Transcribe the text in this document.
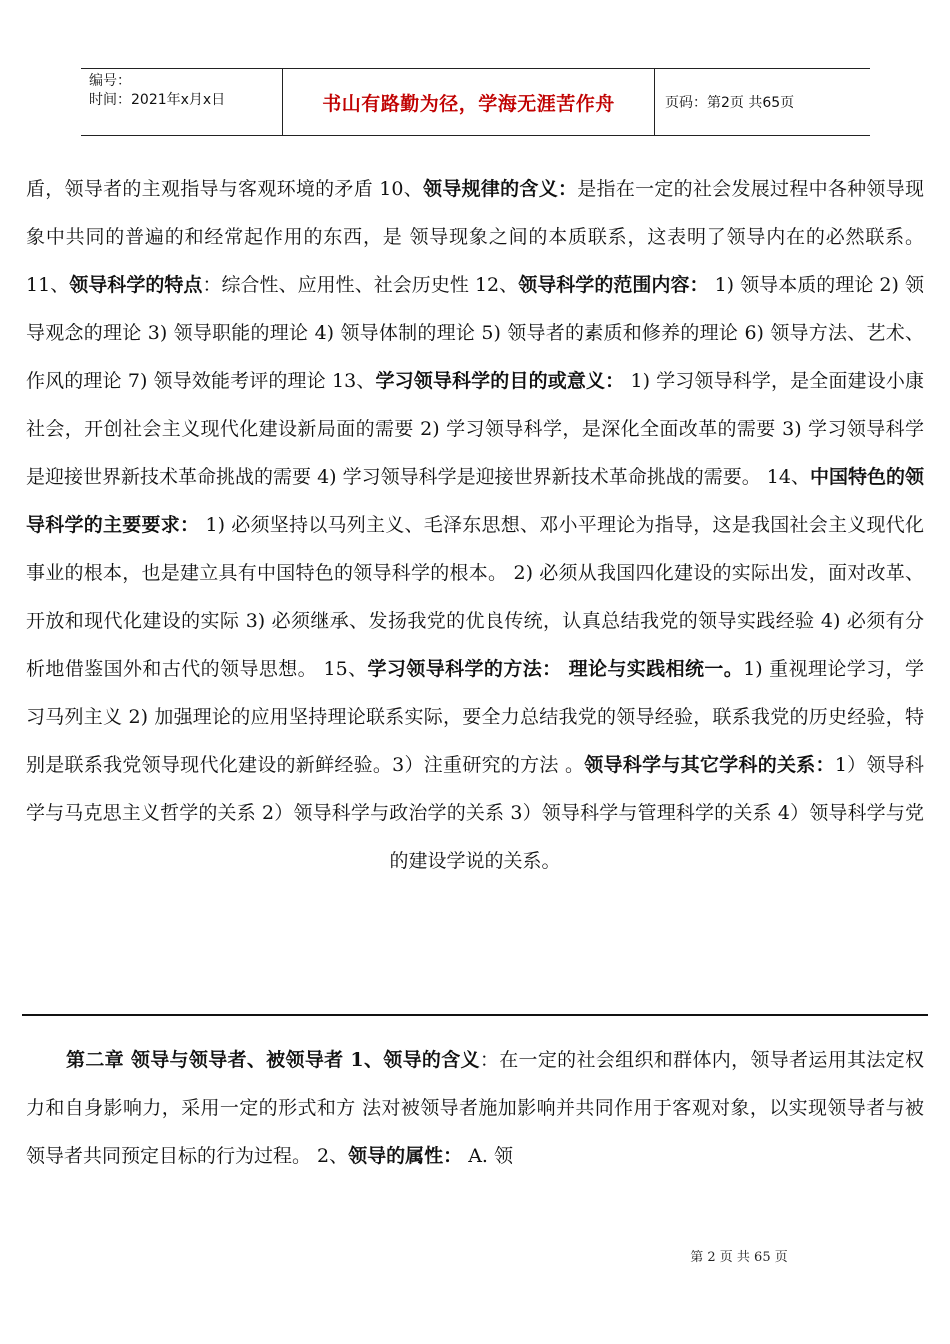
编号：
时间：2021年x月x日	书山有路勤为径，学海无涯苦作舟	页码：第2页 共65页
盾，领导者的主观指导与客观环境的矛盾 10、领导规律的含义：是指在一定的社会发展过程中各种领导现象中共同的普遍的和经常起作用的东西，是 领导现象之间的本质联系，这表明了领导内在的必然联系。 11、领导科学的特点：综合性、应用性、社会历史性 12、领导科学的范围内容： 1) 领导本质的理论 2) 领导观念的理论 3) 领导职能的理论 4) 领导体制的理论 5) 领导者的素质和修养的理论 6) 领导方法、艺术、作风的理论 7) 领导效能考评的理论 13、学习领导科学的目的或意义： 1) 学习领导科学，是全面建设小康社会，开创社会主义现代化建设新局面的需要 2) 学习领导科学，是深化全面改革的需要 3) 学习领导科学是迎接世界新技术革命挑战的需要 4) 学习领导科学是迎接世界新技术革命挑战的需要。 14、中国特色的领导科学的主要要求： 1) 必须坚持以马列主义、毛泽东思想、邓小平理论为指导，这是我国社会主义现代化事业的根本，也是建立具有中国特色的领导科学的根本。 2) 必须从我国四化建设的实际出发，面对改革、开放和现代化建设的实际 3) 必须继承、发扬我党的优良传统，认真总结我党的领导实践经验 4) 必须有分析地借鉴国外和古代的领导思想。 15、学习领导科学的方法： 理论与实践相统一。1) 重视理论学习，学习马列主义 2) 加强理论的应用坚持理论联系实际，要全力总结我党的领导经验，联系我党的历史经验，特别是联系我党领导现代化建设的新鲜经验。3）注重研究的方法 。领导科学与其它学科的关系：1）领导科学与马克思主义哲学的关系 2）领导科学与政治学的关系 3）领导科学与管理科学的关系 4）领导科学与党的建设学说的关系。
第二章 领导与领导者、被领导者 1、领导的含义：在一定的社会组织和群体内，领导者运用其法定权力和自身影响力，采用一定的形式和方 法对被领导者施加影响并共同作用于客观对象，以实现领导者与被领导者共同预定目标的行为过程。 2、领导的属性： A. 领
第 2 页 共 65 页
